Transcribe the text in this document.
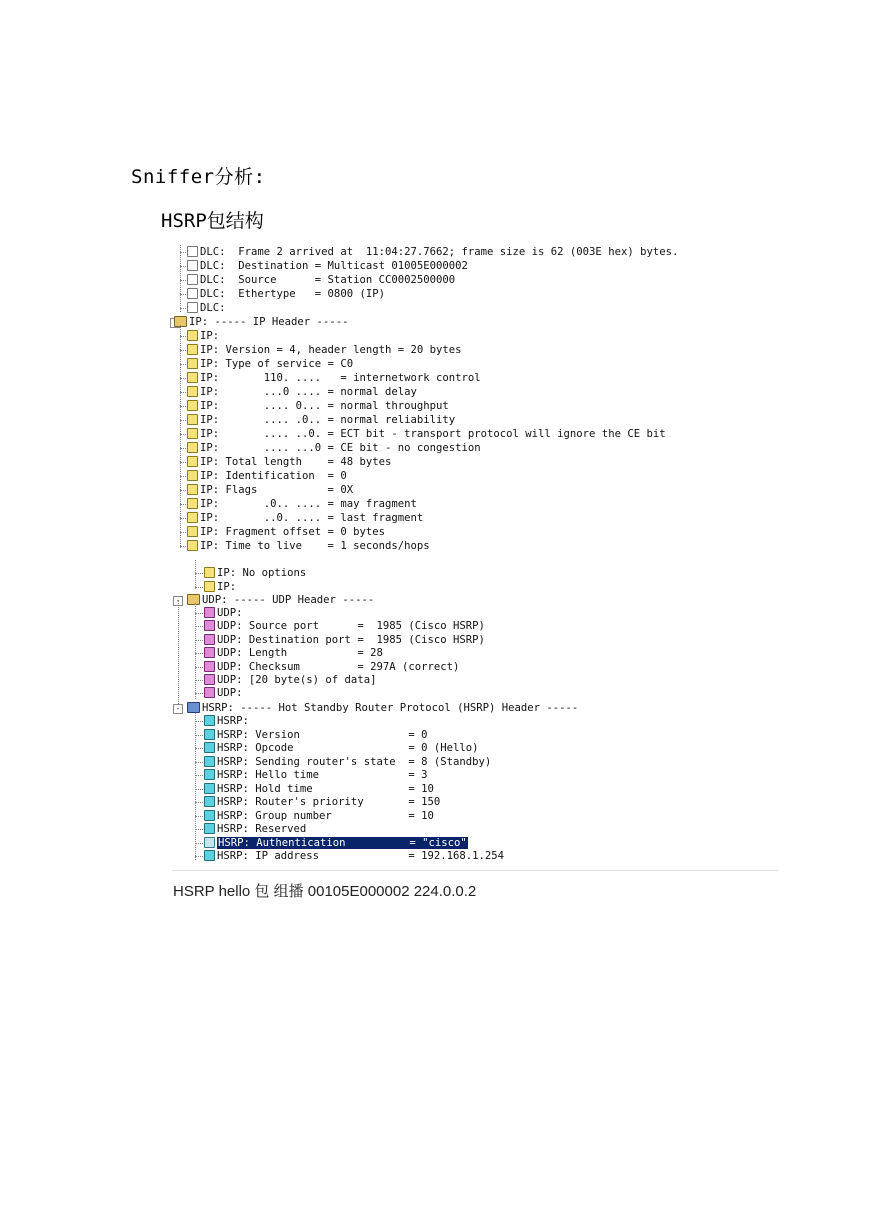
Sniffer分析:
HSRP包结构
DLC:  Frame 2 arrived at  11:04:27.7662; frame size is 62 (003E hex) bytes.
DLC:  Destination = Multicast 01005E000002
DLC:  Source      = Station CC0002500000
DLC:  Ethertype   = 0800 (IP)
DLC:
IP: ----- IP Header -----
IP:
IP: Version = 4, header length = 20 bytes
IP: Type of service = C0
IP:       110. ....   = internetwork control
IP:       ...0 .... = normal delay
IP:       .... 0... = normal throughput
IP:       .... .0.. = normal reliability
IP:       .... ..0. = ECT bit - transport protocol will ignore the CE bit
IP:       .... ...0 = CE bit - no congestion
IP: Total length    = 48 bytes
IP: Identification  = 0
IP: Flags           = 0X
IP:       .0.. .... = may fragment
IP:       ..0. .... = last fragment
IP: Fragment offset = 0 bytes
IP: Time to live    = 1 seconds/hops
IP: No options
IP:
-	UDP: ----- UDP Header -----
UDP:
UDP: Source port      =  1985 (Cisco HSRP)
UDP: Destination port =  1985 (Cisco HSRP)
UDP: Length           = 28
UDP: Checksum         = 297A (correct)
UDP: [20 byte(s) of data]
UDP:
-	HSRP: ----- Hot Standby Router Protocol (HSRP) Header -----
HSRP:
HSRP: Version                 = 0
HSRP: Opcode                  = 0 (Hello)
HSRP: Sending router's state  = 8 (Standby)
HSRP: Hello time              = 3
HSRP: Hold time               = 10
HSRP: Router's priority       = 150
HSRP: Group number            = 10
HSRP: Reserved
HSRP: Authentication          = "cisco"
HSRP: IP address              = 192.168.1.254
HSRP hello 包 组播 00105E000002 224.0.0.2
